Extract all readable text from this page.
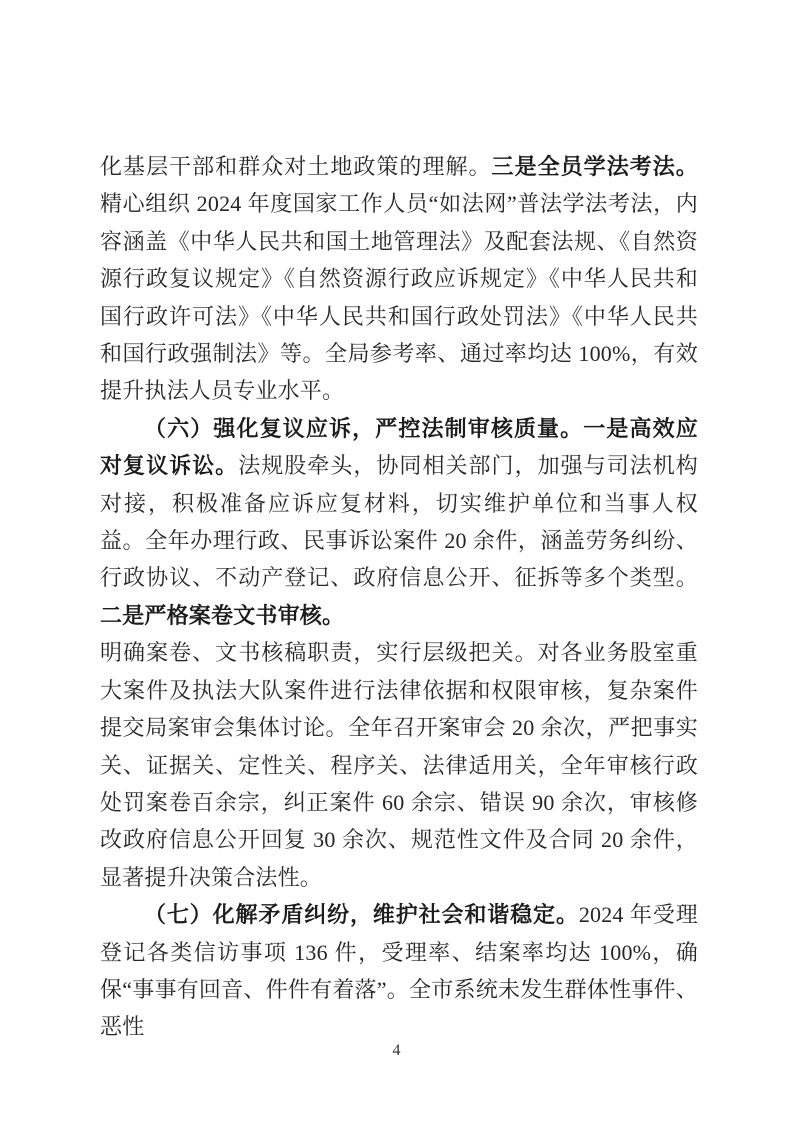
化基层干部和群众对土地政策的理解。三是全员学法考法。精心组织 2024 年度国家工作人员“如法网”普法学法考法，内容涵盖《中华人民共和国土地管理法》及配套法规、《自然资源行政复议规定》《自然资源行政应诉规定》《中华人民共和国行政许可法》《中华人民共和国行政处罚法》《中华人民共和国行政强制法》等。全局参考率、通过率均达 100%，有效提升执法人员专业水平。

（六）强化复议应诉，严控法制审核质量。一是高效应对复议诉讼。法规股牵头，协同相关部门，加强与司法机构对接，积极准备应诉应复材料，切实维护单位和当事人权益。全年办理行政、民事诉讼案件 20 余件，涵盖劳务纠纷、行政协议、不动产登记、政府信息公开、征拆等多个类型。二是严格案卷文书审核。

明确案卷、文书核稿职责，实行层级把关。对各业务股室重大案件及执法大队案件进行法律依据和权限审核，复杂案件提交局案审会集体讨论。全年召开案审会 20 余次，严把事实关、证据关、定性关、程序关、法律适用关，全年审核行政处罚案卷百余宗，纠正案件 60 余宗、错误 90 余次，审核修改政府信息公开回复 30 余次、规范性文件及合同 20 余件，显著提升决策合法性。

（七）化解矛盾纠纷，维护社会和谐稳定。2024 年受理登记各类信访事项 136 件，受理率、结案率均达 100%，确保“事事有回音、件件有着落”。全市系统未发生群体性事件、恶性

4
